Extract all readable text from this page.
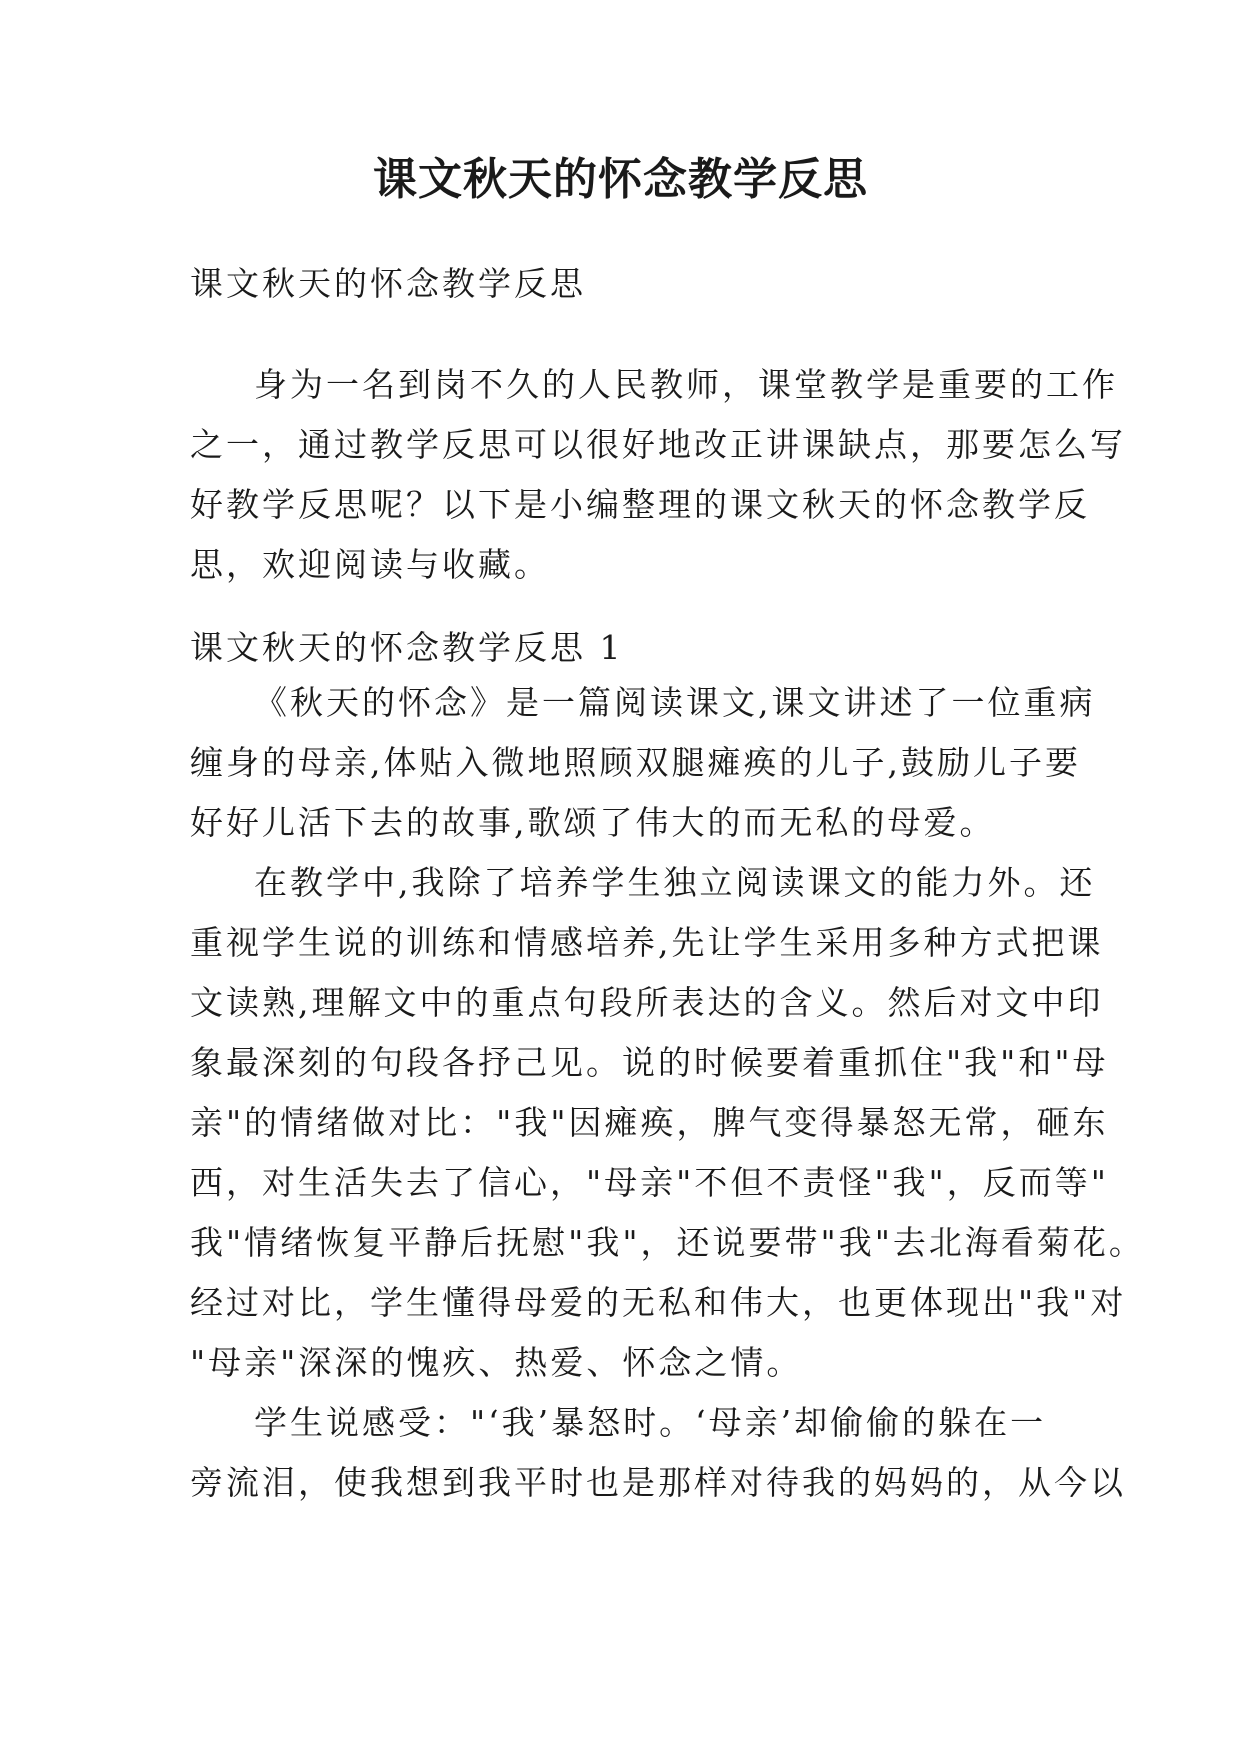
课文秋天的怀念教学反思
课文秋天的怀念教学反思
身为一名到岗不久的人民教师，课堂教学是重要的工作
之一，通过教学反思可以很好地改正讲课缺点，那要怎么写
好教学反思呢？以下是小编整理的课文秋天的怀念教学反
思，欢迎阅读与收藏。
课文秋天的怀念教学反思 1
《秋天的怀念》是一篇阅读课文,课文讲述了一位重病
缠身的母亲,体贴入微地照顾双腿瘫痪的儿子,鼓励儿子要
好好儿活下去的故事,歌颂了伟大的而无私的母爱。
在教学中,我除了培养学生独立阅读课文的能力外。还
重视学生说的训练和情感培养,先让学生采用多种方式把课
文读熟,理解文中的重点句段所表达的含义。然后对文中印
象最深刻的句段各抒己见。说的时候要着重抓住"我"和"母
亲"的情绪做对比："我"因瘫痪，脾气变得暴怒无常，砸东
西，对生活失去了信心，"母亲"不但不责怪"我"，反而等"
我"情绪恢复平静后抚慰"我"，还说要带"我"去北海看菊花。
经过对比，学生懂得母爱的无私和伟大，也更体现出"我"对
"母亲"深深的愧疚、热爱、怀念之情。
学生说感受："‘我’暴怒时。‘母亲’却偷偷的躲在一
旁流泪，使我想到我平时也是那样对待我的妈妈的，从今以
